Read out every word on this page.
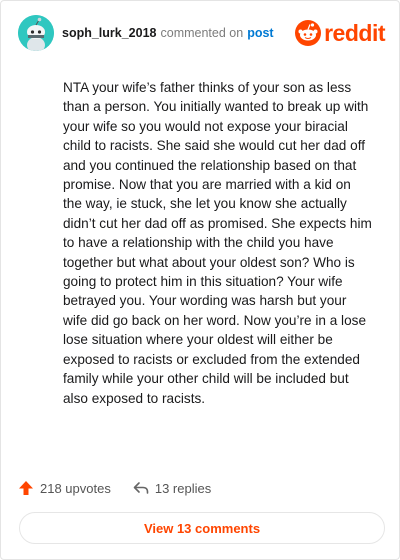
soph_lurk_2018 commented on post reddit
NTA your wife’s father thinks of your son as less than a person. You initially wanted to break up with your wife so you would not expose your biracial child to racists. She said she would cut her dad off and you continued the relationship based on that promise. Now that you are married with a kid on the way, ie stuck, she let you know she actually didn’t cut her dad off as promised. She expects him to have a relationship with the child you have together but what about your oldest son? Who is going to protect him in this situation? Your wife betrayed you. Your wording was harsh but your wife did go back on her word. Now you’re in a lose lose situation where your oldest will either be exposed to racists or excluded from the extended family while your other child will be included but also exposed to racists.
218 upvotes	13 replies
View 13 comments
